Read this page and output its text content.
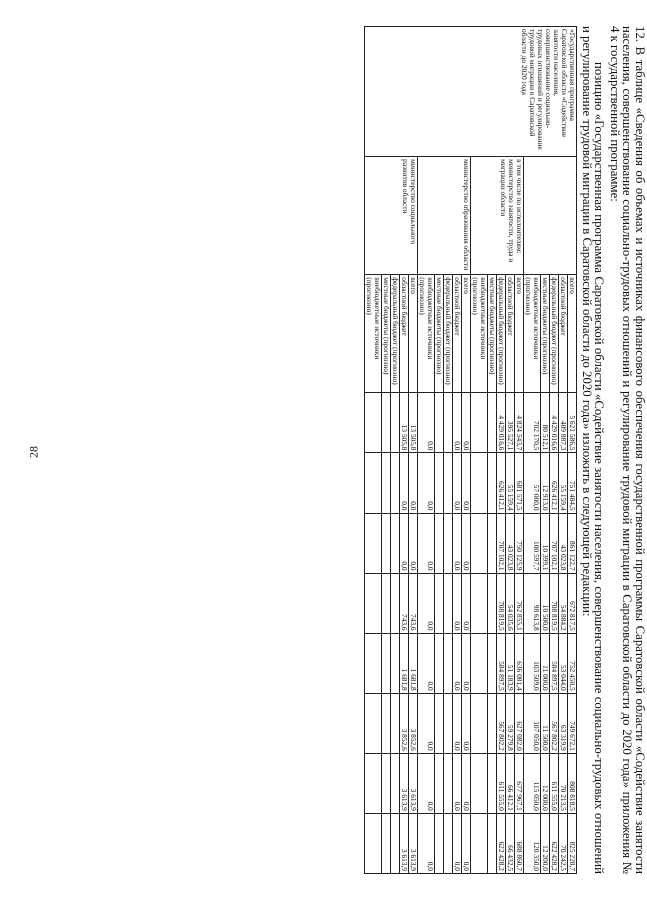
28	12. В таблице «Сведения об объемах и источниках финансового обеспечения государственной программы Саратовской области «Содействие занятости населения, совершенствование социально-трудовых отношений и регулирование трудовой миграции в Саратовской области до 2020 года» приложения № 4 к государственной программе:

позицию «Государственная программа Саратовской области «Содействие занятости населения, совершенствование социально-трудовых отношений и регулирование трудовой миграции в Саратовской области до 2020 года» изложить в следующей редакции:

«Государственная программа Саратовской области «Содействие занятости населения, совершенствование социально-трудовых отношений и регулирование трудовой миграции в Саратовской области до 2020 года		всего	5 621 586,5	751 484,5	861 122,7	672 817,5	752 450,5	749 672,1	808 818,5	825 220,7
		областной бюджет	409 887,3	55 159,4	43 023,8	54 884,2	53 044,0	63 319,9	70 213,5	70 242,5
		федеральный бюджет (прогнозно)	4 429 016,6	626 412,1	707 102,1	708 819,5	584 897,5	567 802,2	611 555,0	622 428,2
		местные бюджеты (прогнозно)	80 512,1	12 913,0	10 399,1	10 500,0	11 000,0	11 500,0	12 000,0	12 200,0
		внебюджетные источники (прогнозно)	702 170,5	57 000,0	100 597,7	98 613,8	103 509,0	107 050,0	115 050,0	120 350,0

	в том числе по исполнителям:
министерство занятости, труда и миграции области	всего	4 824 543,7	681 571,5	750 125,9	762 855,1	636 081,4	627 082,0	677 967,1	688 860,7
		областной бюджет	395 527,1	55 159,4	43 023,8	54 035,6	51 183,9	59 279,8	66 412,1	66 432,5
		федеральный бюджет (прогнозно)	4 429 016,6	626 412,1	707 102,1	708 819,5	584 897,5	567 802,2	611 555,0	622 428,2
		местные бюджеты (прогнозно)								
		внебюджетные источники (прогнозно)								

	министерство образования области	всего	0,0	0,0	0,0	0,0	0,0	0,0	0,0	0,0
		областной бюджет	0,0	0,0	0,0	0,0	0,0	0,0	0,0	0,0
		федеральный бюджет (прогнозно)								
		местные бюджеты (прогнозно)								
		внебюджетные источники (прогнозно)	0,0	0,0	0,0	0,0	0,0	0,0	0,0	0,0

	министерство социального развития области	всего	13 505,8	0,0	0,0	743,6	1 681,8	3 852,6	3 613,9	3 613,9
		областной бюджет	13 505,8	0,0	0,0	743,6	1 681,8	3 852,6	3 613,9	3 613,9
		федеральный бюджет (прогнозно)								
		местные бюджеты (прогнозно)								
		внебюджетные источники (прогнозно)								
